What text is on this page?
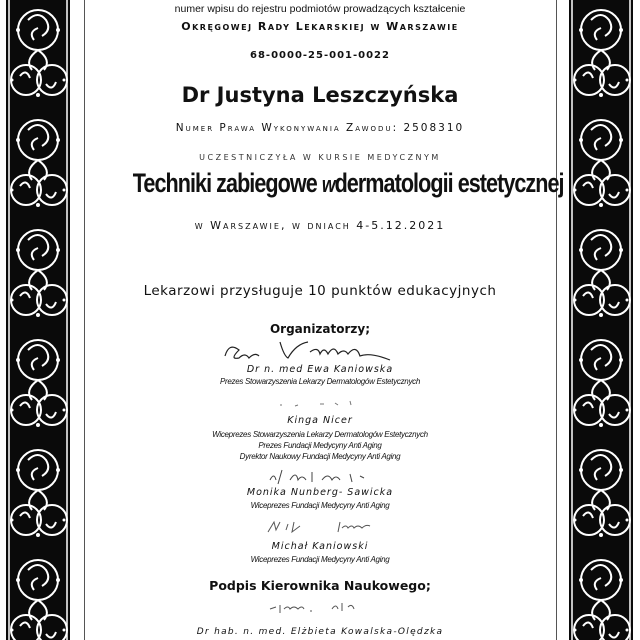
numer wpisu do rejestru podmiotów prowadzących kształcenie
Okręgowej Rady Lekarskiej w Warszawie
68-0000-25-001-0022
Dr Justyna Leszczyńska
Numer Prawa Wykonywania Zawodu: 2508310
UCZESTNICZYŁA W KURSIE MEDYCZNYM
Techniki zabiegowe wdermatologii estetycznej
w Warszawie, w dniach 4-5.12.2021
Lekarzowi przysługuje 10 punktów edukacyjnych
Organizatorzy;
Dr n. med Ewa Kaniowska
Prezes Stowarzyszenia Lekarzy Dermatologów Estetycznych
Kinga Nicer
Wiceprezes Stowarzyszenia Lekarzy Dermatologów Estetycznych
Prezes Fundacji Medycyny Anti Aging
Dyrektor Naukowy Fundacji Medycyny Anti Aging
Monika Nunberg- Sawicka
Wiceprezes Fundacji Medycyny Anti Aging
Michał Kaniowski
Wiceprezes Fundacji Medycyny Anti Aging
Podpis Kierownika Naukowego;
Dr hab. n. med. Elżbieta Kowalska-Olędzka
